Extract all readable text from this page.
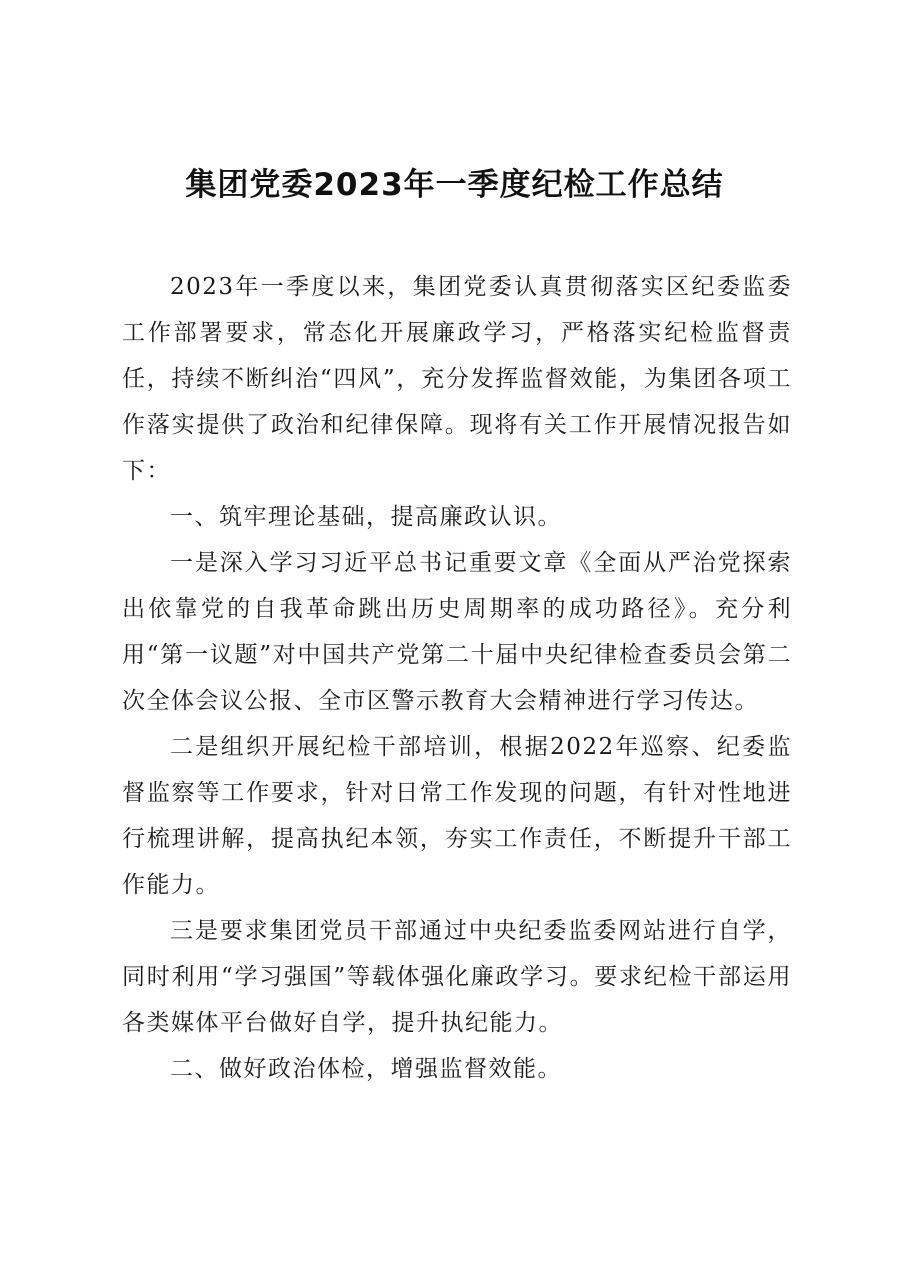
集团党委2023年一季度纪检工作总结

2023年一季度以来，集团党委认真贯彻落实区纪委监委工作部署要求，常态化开展廉政学习，严格落实纪检监督责任，持续不断纠治“四风”，充分发挥监督效能，为集团各项工作落实提供了政治和纪律保障。现将有关工作开展情况报告如下：

一、筑牢理论基础，提高廉政认识。

一是深入学习习近平总书记重要文章《全面从严治党探索出依靠党的自我革命跳出历史周期率的成功路径》。充分利用“第一议题”对中国共产党第二十届中央纪律检查委员会第二次全体会议公报、全市区警示教育大会精神进行学习传达。

二是组织开展纪检干部培训，根据2022年巡察、纪委监督监察等工作要求，针对日常工作发现的问题，有针对性地进行梳理讲解，提高执纪本领，夯实工作责任，不断提升干部工作能力。

三是要求集团党员干部通过中央纪委监委网站进行自学，同时利用“学习强国”等载体强化廉政学习。要求纪检干部运用各类媒体平台做好自学，提升执纪能力。

二、做好政治体检，增强监督效能。
